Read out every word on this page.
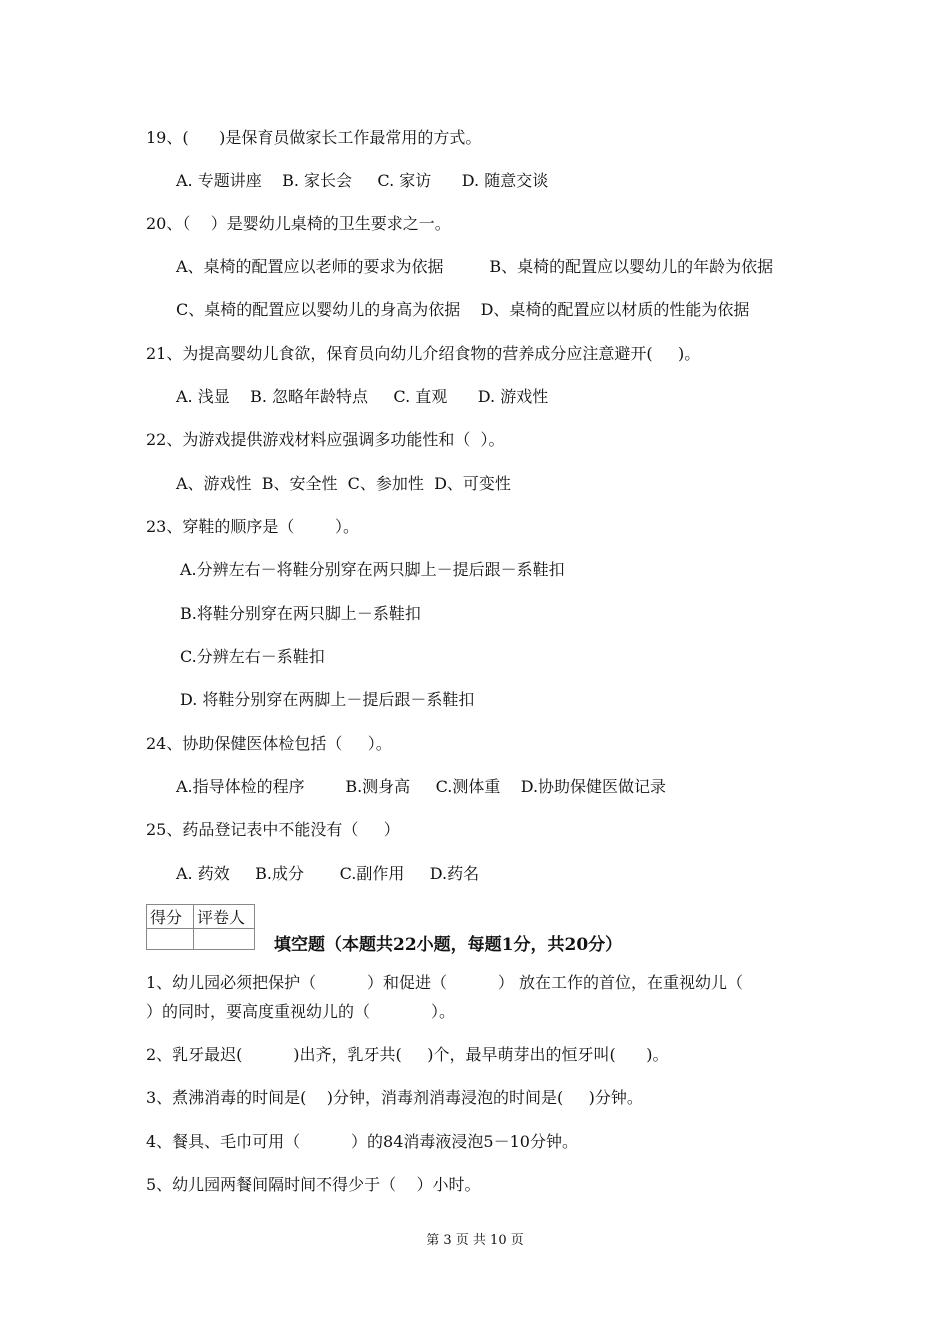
19、(      )是保育员做家长工作最常用的方式。
A. 专题讲座    B. 家长会     C. 家访      D. 随意交谈
20、（    ）是婴幼儿桌椅的卫生要求之一。
A、桌椅的配置应以老师的要求为依据         B、桌椅的配置应以婴幼儿的年龄为依据
C、桌椅的配置应以婴幼儿的身高为依据    D、桌椅的配置应以材质的性能为依据
21、为提高婴幼儿食欲，保育员向幼儿介绍食物的营养成分应注意避开(     )。
A. 浅显    B. 忽略年龄特点     C. 直观      D. 游戏性
22、为游戏提供游戏材料应强调多功能性和（  ）。
A、游戏性  B、安全性  C、参加性  D、可变性
23、穿鞋的顺序是（        ）。
A.分辨左右－将鞋分别穿在两只脚上－提后跟－系鞋扣
B.将鞋分别穿在两只脚上－系鞋扣
C.分辨左右－系鞋扣
D. 将鞋分别穿在两脚上－提后跟－系鞋扣
24、协助保健医体检包括（     ）。
A.指导体检的程序        B.测身高     C.测体重    D.协助保健医做记录
25、药品登记表中不能没有（     ）
A. 药效     B.成分       C.副作用     D.药名
得分	评卷人

填空题（本题共22小题，每题1分，共20分）
1、幼儿园必须把保护（          ）和促进（          ） 放在工作的首位，在重视幼儿（
）的同时，要高度重视幼儿的（            ）。
2、乳牙最迟(          )出齐，乳牙共(     )个，最早萌芽出的恒牙叫(      )。
3、煮沸消毒的时间是(    )分钟，消毒剂消毒浸泡的时间是(     )分钟。
4、餐具、毛巾可用（          ）的84消毒液浸泡5－10分钟。
5、幼儿园两餐间隔时间不得少于（    ）小时。
第 3 页 共 10 页
